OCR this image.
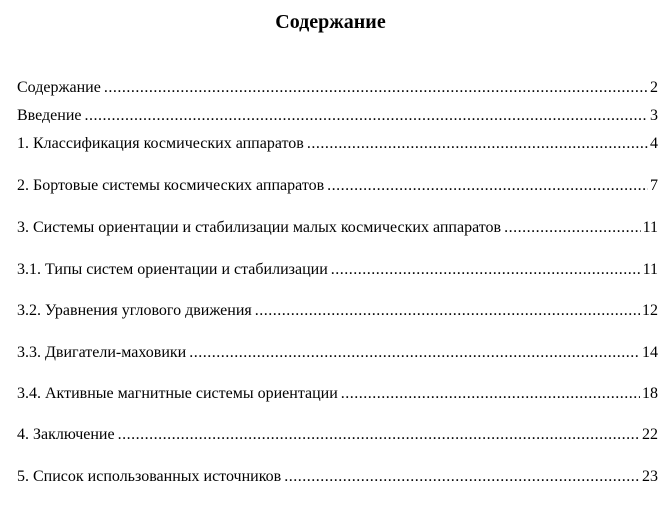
Содержание
Содержание .....	2
Введение .....	3
1. Классификация космических аппаратов .....	4
2. Бортовые системы космических аппаратов .....	7
3. Системы ориентации и стабилизации малых космических аппаратов .....	11
3.1. Типы систем ориентации и стабилизации .....	11
3.2. Уравнения углового движения .....	12
3.3. Двигатели-маховики .....	14
3.4. Активные магнитные системы ориентации .....	18
4. Заключение .....	22
5. Список использованных источников .....	23
